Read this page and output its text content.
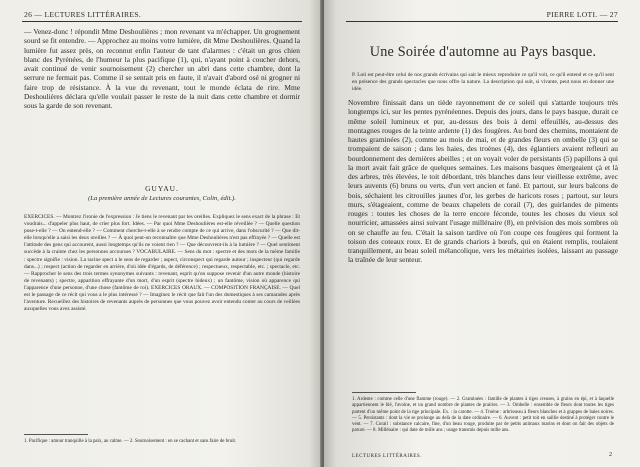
26 — LECTURES LITTÉRAIRES.

— Venez-donc ! répondit Mme Deshoulières ; mon revenant va m'échapper. Un grognement sourd se fit entendre. — Approchez au moins votre lumière, dit Mme Deshoulières. Quand la lumière fut assez près, on reconnut enfin l'auteur de tant d'alarmes : c'était un gros chien blanc des Pyrénées, de l'humeur la plus pacifique (1), qui, n'ayant point à coucher dehors, avait continué de venir sournoisement (2) chercher un abri dans cette chambre, dont la serrure ne fermait pas. Comme il se sentait pris en faute, il n'avait d'abord osé ni grogner ni faire trop de résistance. À la vue du revenant, tout le monde éclata de rire. Mme Deshoulières déclara qu'elle voulait passer le reste de la nuit dans cette chambre et dormir sous la garde de son revenant.

GUYAU.
(La première année de Lectures courantes, Colin, édit.).

EXERCICES. — Montrez l'ironie de l'expression : Je tiens le revenant par les oreilles. Expliquez le sens exact de la phrase : Et voudrais... d'appeler plus haut, de crier plus fort. Idées. — Par quoi Mme Deshoulières est-elle réveillée ? — Quelle question pose-t-elle ? — On entend-elle ? — Comment cherche-t-elle à se rendre compte de ce qui arrive, dans l'obscurité ? — Que dit-elle lorsqu'elle a saisi les deux oreilles ? — À quoi peut-on reconnaître que Mme Deshoulières n'est pas effrayée ? — Quelle est l'attitude des gens qui accourent, aussi longtemps qu'ils ne voient rien ? — Que découvrent-ils à la lumière ? — Quel sentiment succède à la crainte chez les personnes accourues ? VOCABULAIRE. — Sens du mot : spectre et des mots de la même famille : spectre signifie : vision. La racine spect a le sens de regarder ; aspect, circonspect qui regarde autour ; inspecteur (qui regarde dans...) ; respect (action de regarder en arrière, d'où idée d'égards, de déférence) ; respectueux, respectable, etc. ; spectacle, etc. — Rapprocher le sens des trois termes synonymes suivants : revenant, esprit qu'on suppose revenir d'un autre monde (histoire de revenants) ; spectre, apparition effrayante d'un mort, d'un esprit (spectre hideux) ; un fantôme, vision où apparence qui l'apparence d'une personne, d'une chose (fantôme de roi). EXERCICES ORAUX. — COMPOSITION FRANÇAISE. — Quel est le passage de ce récit qui vous a le plus intéressé ? — Imaginez le récit que fait l'un des domestiques à ses camarades après l'aventure. Recueillez des histoires de revenants auprès de personnes que vous pouvez avoir entendu conter au cours de veillées auxquelles vous avez assisté.

1. Pacifique : amour tranquille à la paix, au calme. — 2. Sournoisement : en se cachant et sans faire de bruit.

PIERRE LOTI. — 27
Une Soirée d'automne au Pays basque.

P. Loti est peut-être celui de nos grands écrivains qui sait le mieux reproduire ce qu'il voit, ce qu'il entend et ce qu'il sent en présence des grands spectacles que nous offre la nature. La description qui suit, si vivante, peut nous en donner une idée.

Novembre finissait dans un tiède rayonnement de ce soleil qui s'attarde toujours très longtemps ici, sur les pentes pyrénéennes. Depuis des jours, dans le pays basque, durait ce même soleil lumineux et pur, au-dessus des bois à demi effeuillés, au-dessus des montagnes rouges de la teinte ardente (1) des fougères. Au bord des chemins, montaient de hautes graminées (2), comme au mois de mai, et de grandes fleurs en ombelle (3) qui se trompaient de saison ; dans les haies, des troènes (4), des églantiers avaient refleuri au bourdonnement des dernières abeilles ; et on voyait voler de persistants (5) papillons à qui la mort avait fait grâce de quelques semaines. Les maisons basques émergeaient çà et là des arbres, très élevées, le toit débordant, très blanches dans leur vieillesse extrême, avec leurs auvents (6) bruns ou verts, d'un vert ancien et fané. Et partout, sur leurs balcons de bois, séchaient les citrouilles jaunes d'or, les gerbes de haricots roses ; partout, sur leurs murs, s'étageaient, comme de beaux chapelets de corail (7), des guirlandes de piments rouges : toutes les choses de la terre encore féconde, toutes les choses du vieux sol nourricier, amassées ainsi suivant l'usage millénaire (8), en prévision des mois sombres où on se chauffe au feu. C'était la saison tardive où l'on coupe ces fougères qui forment la toison des coteaux roux. Et de grands chariots à bœufs, qui en étaient remplis, roulaient tranquillement, au beau soleil mélancolique, vers les métairies isolées, laissant au passage la traînée de leur senteur.

1. Ardente : comme celle d'une flamme (rouge). — 2. Graminées : famille de plantes à tiges creuses, à grains en épi, et à laquelle appartiennent le blé, l'avoine, et un grand nombre de plantes de prairies. — 3. Ombelle : ensemble de fleurs dont toutes les tiges partent d'un même point de la tige principale. Ex. : la carotte. — 4. Troène : arbrisseau à fleurs blanches et à grappes de baies noires. — 5. Persistants : dont la vie se prolonge au delà de la date ordinaire. — 6. Auvent : petit toit en saillie destiné à protéger contre le vent. — 7. Corail : substance calcaire, fine, d'un beau rouge, produite par de petits animaux marins et dont on fait des objets de parure. — 8. Millénaire : qui date de mille ans ; usage transmis depuis mille ans.

LECTURES LITTÉRAIRES.	2
